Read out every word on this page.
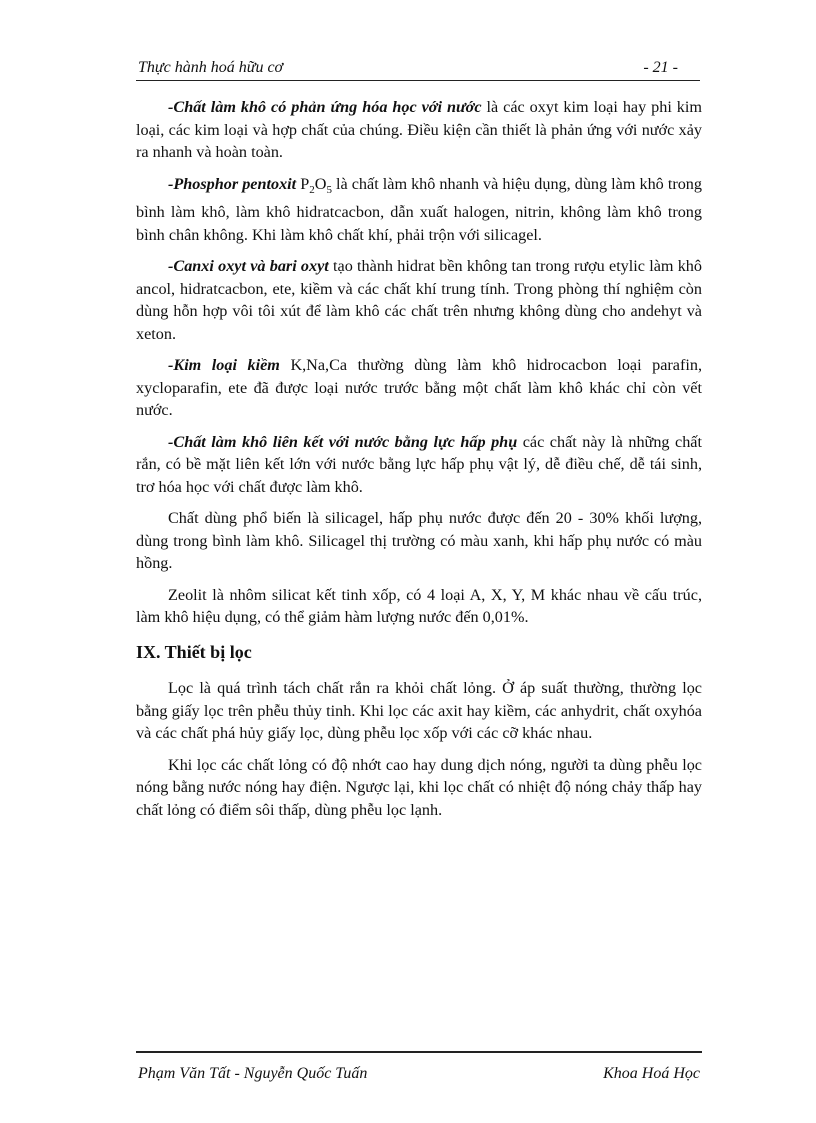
Thực hành hoá hữu cơ	- 21 -

-Chất làm khô có phản ứng hóa học với nước là các oxyt kim loại hay phi kim loại, các kim loại và hợp chất của chúng. Điều kiện cần thiết là phản ứng với nước xảy ra nhanh và hoàn toàn.

-Phosphor pentoxit $P_2O_5$ là chất làm khô nhanh và hiệu dụng, dùng làm khô trong bình làm khô, làm khô hidratcacbon, dẫn xuất halogen, nitrin, không làm khô trong bình chân không. Khi làm khô chất khí, phải trộn với silicagel.

-Canxi oxyt và bari oxyt tạo thành hidrat bền không tan trong rượu etylic làm khô ancol, hidratcacbon, ete, kiềm và các chất khí trung tính. Trong phòng thí nghiệm còn dùng hỗn hợp vôi tôi xút để làm khô các chất trên nhưng không dùng cho andehyt và xeton.

-Kim loại kiềm K,Na,Ca thường dùng làm khô hidrocacbon loại parafin, xycloparafin, ete đã được loại nước trước bằng một chất làm khô khác chỉ còn vết nước.

-Chất làm khô liên kết với nước bằng lực hấp phụ các chất này là những chất rắn, có bề mặt liên kết lớn với nước bằng lực hấp phụ vật lý, dễ điều chế, dễ tái sinh, trơ hóa học với chất được làm khô.

Chất dùng phổ biến là silicagel, hấp phụ nước được đến 20 - 30% khối lượng, dùng trong bình làm khô. Silicagel thị trường có màu xanh, khi hấp phụ nước có màu hồng.

Zeolit là nhôm silicat kết tinh xốp, có 4 loại A, X, Y, M khác nhau về cấu trúc, làm khô hiệu dụng, có thể giảm hàm lượng nước đến 0,01%.

IX. Thiết bị lọc

Lọc là quá trình tách chất rắn ra khỏi chất lỏng. Ở áp suất thường, thường lọc bằng giấy lọc trên phễu thủy tinh. Khi lọc các axit hay kiềm, các anhydrit, chất oxyhóa và các chất phá hủy giấy lọc, dùng phễu lọc xốp với các cỡ khác nhau.

Khi lọc các chất lỏng có độ nhớt cao hay dung dịch nóng, người ta dùng phễu lọc nóng bằng nước nóng hay điện. Ngược lại, khi lọc chất có nhiệt độ nóng chảy thấp hay chất lỏng có điểm sôi thấp, dùng phễu lọc lạnh.

Phạm Văn Tất - Nguyễn Quốc Tuấn	Khoa Hoá Học
